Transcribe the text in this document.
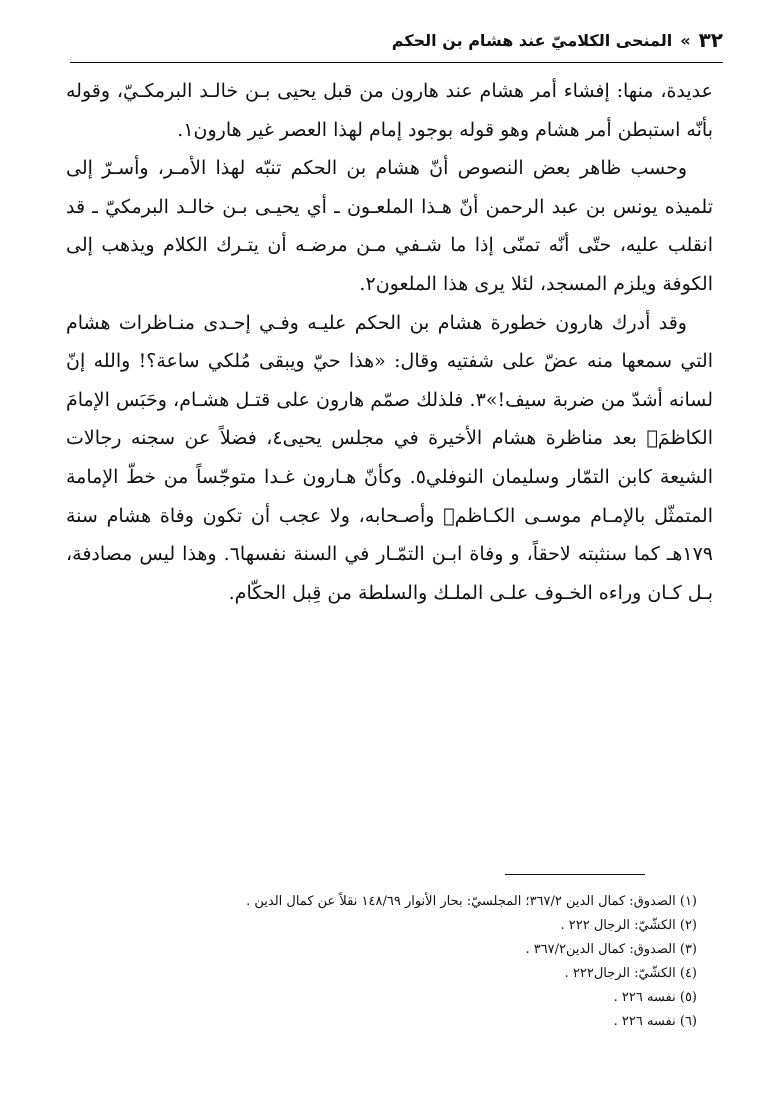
٣٢
»
المنحى الكلاميّ عند هشام بن الحكم

عديدة، منها: إفشاء أمر هشام عند هارون من قبل يحيى بـن خالـد البرمكـيّ، وقوله بأنّه استبطن أمر هشام وهو قوله بوجود إمام لهذا العصر غير هارون١.

وحسب ظاهر بعض النصوص أنّ هشام بن الحكم تنبّه لهذا الأمـر، وأسـرّ إلى تلميذه يونس بن عبد الرحمن أنّ هـذا الملعـون ـ أي يحيـى بـن خالـد البرمكيّ ـ قد انقلب عليه، حتّى أنّه تمنّى إذا ما شـفي مـن مرضـه أن يتـرك الكلام ويذهب إلى الكوفة ويلزم المسجد، لئلا يرى هذا الملعون٢.

وقد أدرك هارون خطورة هشام بن الحكم عليـه وفـي إحـدى منـاظرات هشام التي سمعها منه عضّ على شفتيه وقال: «هذا حيّ ويبقى مُلكي ساعة؟! والله إنّ لسانه أشدّ من ضربة سيف!»٣. فلذلك صمّم هارون على قتـل هشـام، وحَبَس الإمامَ الكاظمَ﷥ بعد مناظرة هشام الأخيرة في مجلس يحيى٤، فضلاً عن سجنه رجالات الشيعة كابن التمّار وسليمان النوفلي٥. وكأنّ هـارون غـدا متوجّساً من خطّ الإمامة المتمثّل بالإمـام موسـى الكـاظم﷥ وأصـحابه، ولا عجب أن تكون وفاة هشام سنة ١٧٩هـ كما سنثبته لاحقاً، و وفاة ابـن التمّـار في السنة نفسها٦. وهذا ليس مصادفة، بـل كـان وراءه الخـوف علـى الملـك والسلطة من قِبل الحكّام.

(١) الصدوق: كمال الدين ٣٦٧/٢؛ المجلسيّ: بحار الأنوار ١٤٨/٦٩ نقلاً عن كمال الدين .
(٢) الكشّيّ: الرجال ٢٢٢ .
(٣) الصدوق: كمال الدين٣٦٧/٢ .
(٤) الكشّيّ: الرجال٢٢٢ .
(٥) نفسه ٢٢٦ .
(٦) نفسه ٢٢٦ .
